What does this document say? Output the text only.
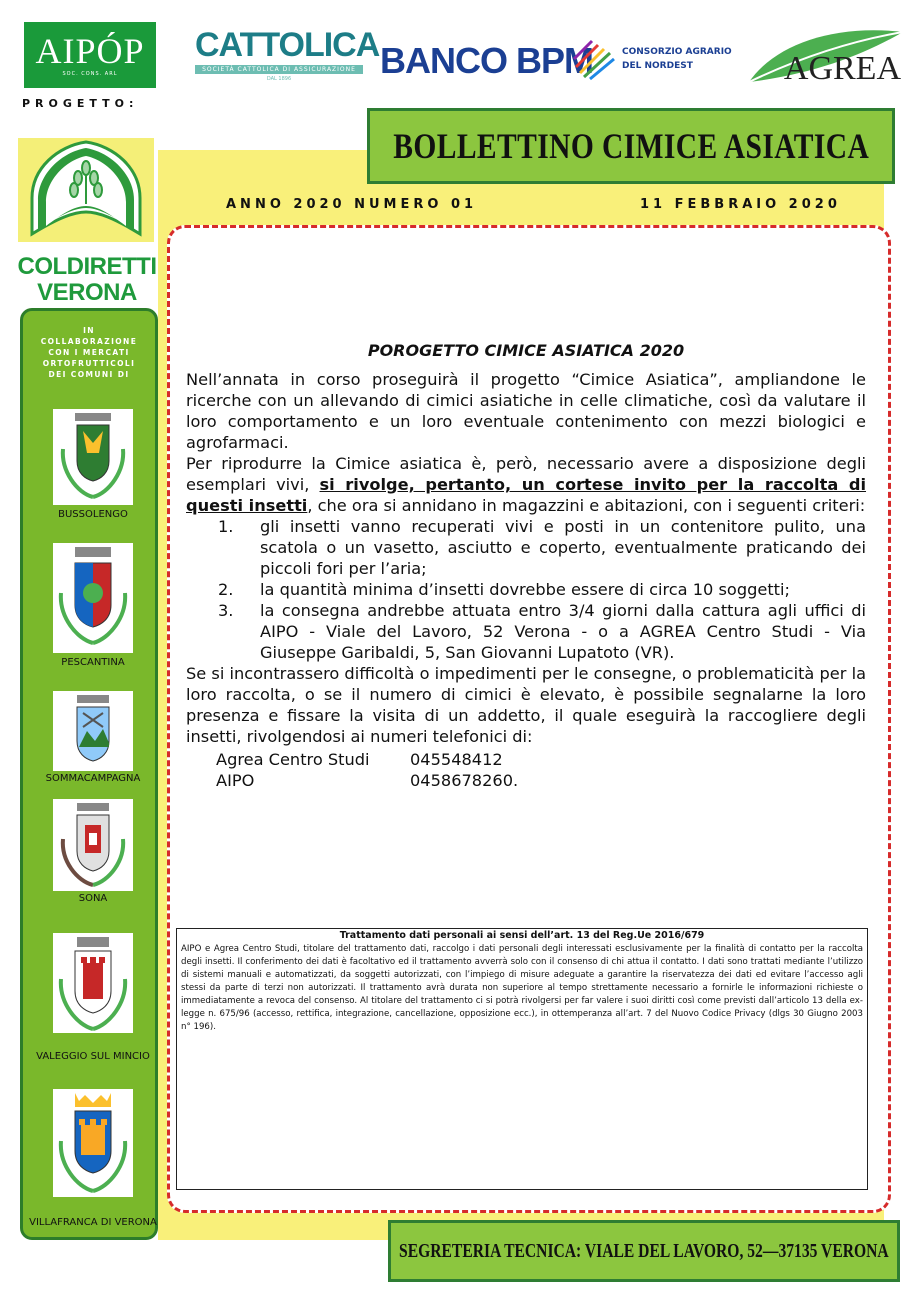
AIPÓP
SOC. CONS. ARL
CATTOLICA
SOCIETÀ CATTOLICA DI ASSICURAZIONE
DAL 1896	BANCO BPM	CONSORZIO AGRARIO
DEL NORDEST	AGREA
PROGETTO:
COLDIRETTI
VERONA
IN
COLLABORAZIONE
CON I MERCATI
ORTOFRUTTICOLI
DEI COMUNI DI
BUSSOLENGO
PESCANTINA
SOMMACAMPAGNA
SONA
VALEGGIO SUL MINCIO
VILLAFRANCA DI VERONA
BOLLETTINO CIMICE ASIATICA
ANNO 2020 NUMERO 01	11 FEBBRAIO 2020
POROGETTO CIMICE ASIATICA 2020

Nell’annata in corso proseguirà il progetto “Cimice Asiatica”, ampliandone le ricerche con un allevando di cimici asiatiche in celle climatiche, così da valutare il loro comportamento e un loro eventuale contenimento con mezzi biologici e agrofarmaci.

Per riprodurre la Cimice asiatica è, però, necessario avere a disposizione degli esemplari vivi, si rivolge, pertanto, un cortese invito per la raccolta di questi insetti, che ora si annidano in magazzini e abitazioni, con i seguenti criteri:

1.	gli insetti vanno recuperati vivi e posti in un contenitore pulito, una scatola o un vasetto, asciutto e coperto, eventualmente praticando dei piccoli fori per l’aria;
2.	la quantità minima d’insetti dovrebbe essere di circa 10 soggetti;
3.	la consegna andrebbe attuata entro 3/4 giorni dalla cattura agli uffici di AIPO - Viale del Lavoro, 52 Verona - o a AGREA Centro Studi - Via Giuseppe Garibaldi, 5, San Giovanni Lupatoto (VR).

Se si incontrassero difficoltà o impedimenti per le consegne, o problematicità per la loro raccolta, o se il numero di cimici è elevato, è possibile segnalarne la loro presenza e fissare la visita di un addetto, il quale eseguirà la raccogliere degli insetti, rivolgendosi ai numeri telefonici di:

Agrea Centro Studi	045548412
AIPO	0458678260.
Trattamento dati personali ai sensi dell’art. 13 del Reg.Ue 2016/679
AIPO e Agrea Centro Studi, titolare del trattamento dati, raccolgo i dati personali degli interessati esclusivamente per la finalità di contatto per la raccolta degli insetti. Il conferimento dei dati è facoltativo ed il trattamento avverrà solo con il consenso di chi attua il contatto. I dati sono trattati mediante l’utilizzo di sistemi manuali e automatizzati, da soggetti autorizzati, con l’impiego di misure adeguate a garantire la riservatezza dei dati ed evitare l’accesso agli stessi da parte di terzi non autorizzati. Il trattamento avrà durata non superiore al tempo strettamente necessario a fornirle le informazioni richieste o immediatamente a revoca del consenso. Al titolare del trattamento ci si potrà rivolgersi per far valere i suoi diritti così come previsti dall’articolo 13 della ex-legge n. 675/96 (accesso, rettifica, integrazione, cancellazione, opposizione ecc.), in ottemperanza all’art. 7 del Nuovo Codice Privacy (dlgs 30 Giugno 2003 n° 196).
SEGRETERIA TECNICA: VIALE DEL LAVORO, 52—37135 VERONA
